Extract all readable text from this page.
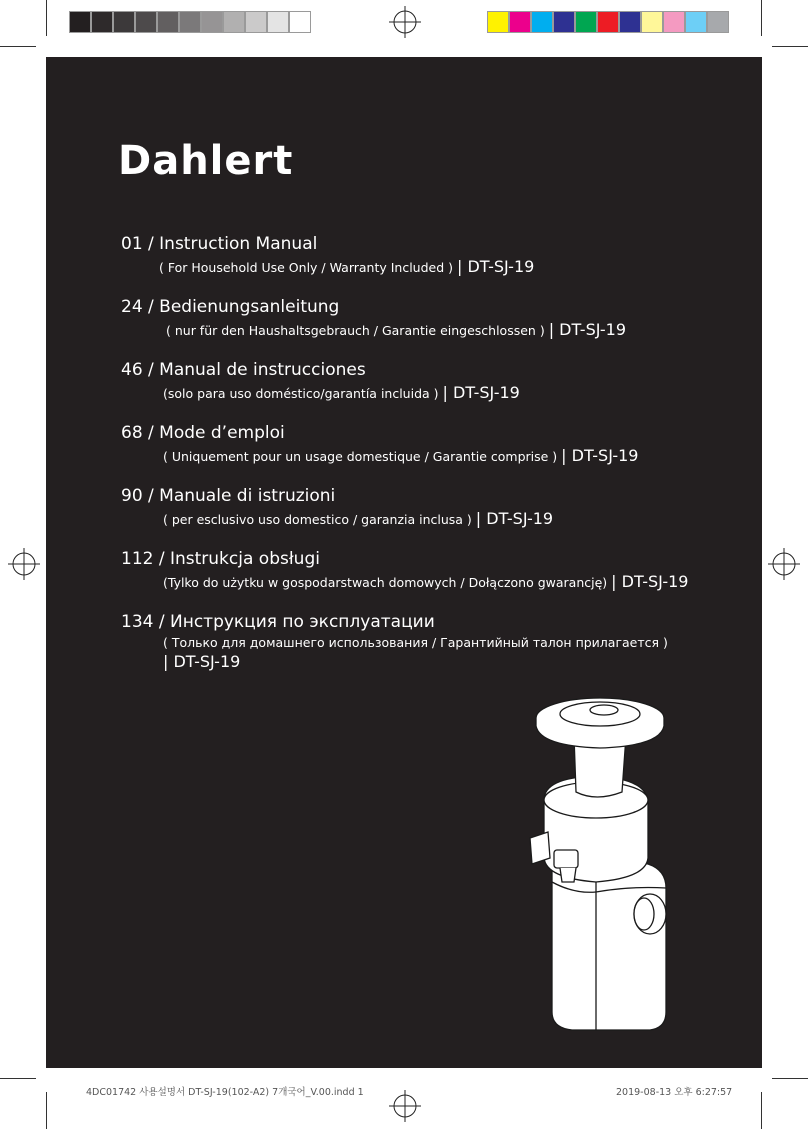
Dahlert
01 / Instruction Manual
( For Household Use Only / Warranty Included ) | DT-SJ-19
24 / Bedienungsanleitung
( nur für den Haushaltsgebrauch / Garantie eingeschlossen ) | DT-SJ-19
46 / Manual de instrucciones
(solo para uso doméstico/garantía incluida ) | DT-SJ-19
68 / Mode d’emploi
( Uniquement pour un usage domestique / Garantie comprise ) | DT-SJ-19
90 / Manuale di istruzioni
( per esclusivo uso domestico / garanzia inclusa ) | DT-SJ-19
112 / Instrukcja obsługi
(Tylko do użytku w gospodarstwach domowych / Dołączono gwarancję) | DT-SJ-19
134 / Инструкция по эксплуатации
( Только для домашнего использования / Гарантийный талон прилагается )
| DT-SJ-19
4DC01742 사용설명서 DT-SJ-19(102-A2) 7개국어_V.00.indd 1	2019-08-13 오후 6:27:57
